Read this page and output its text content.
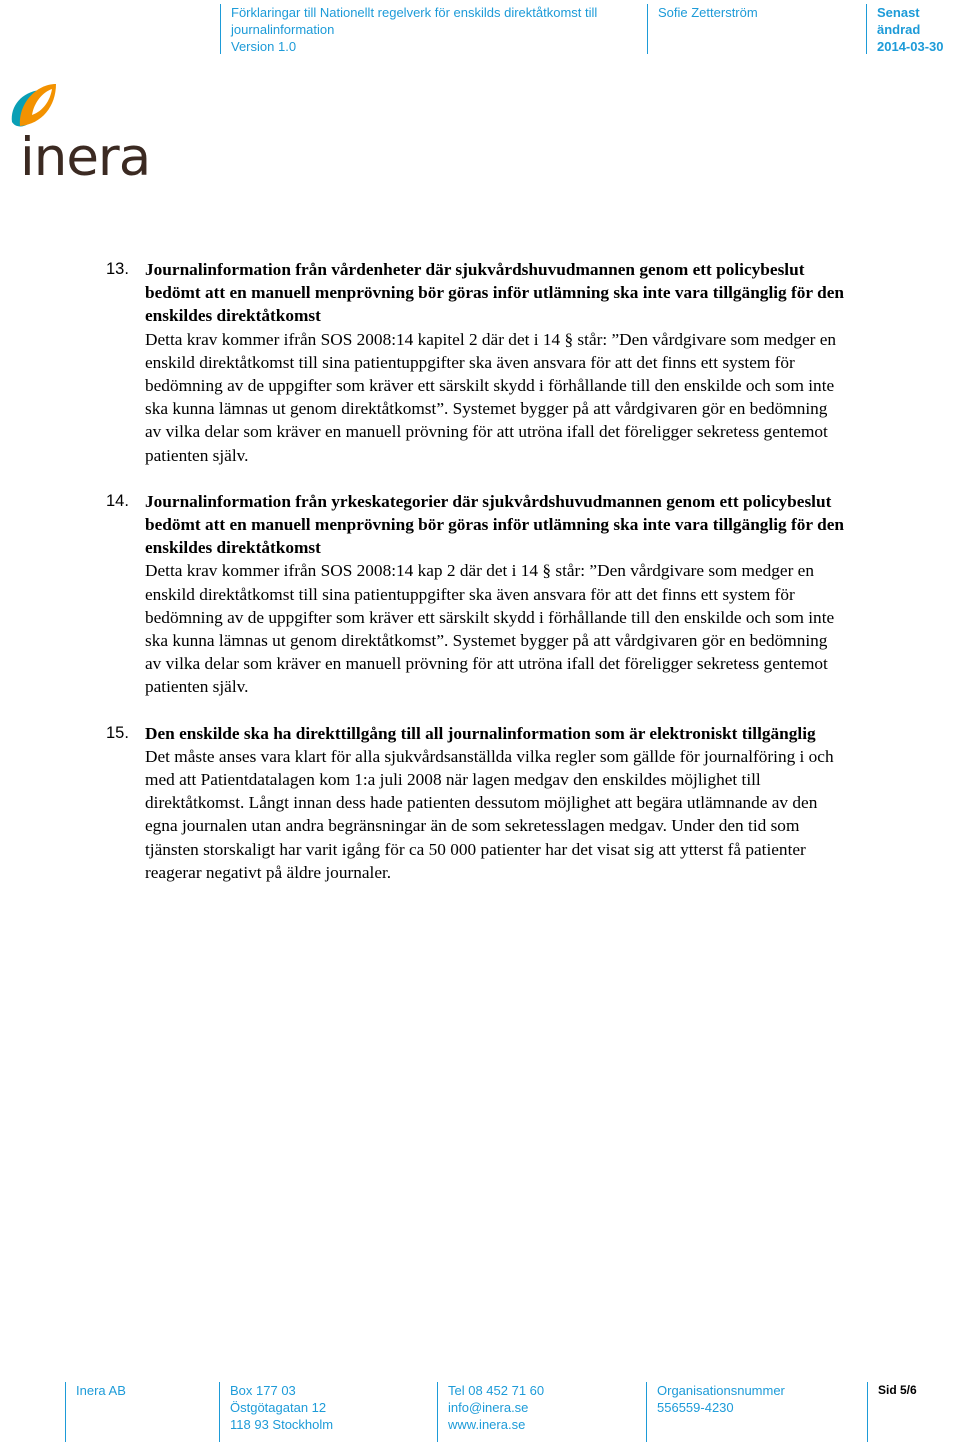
Förklaringar till Nationellt regelverk för enskilds direktåtkomst till
journalinformation
Version 1.0
Sofie Zetterström	Senast ändrad
2014-03-30
inera
13. Journalinformation från vårdenheter där sjukvårdshuvudmannen genom ett policybeslut bedömt att en manuell menprövning bör göras inför utlämning ska inte vara tillgänglig för den enskildes direktåtkomst

Detta krav kommer ifrån SOS 2008:14 kapitel 2 där det i 14 § står: ”Den vårdgivare som medger en enskild direktåtkomst till sina patientuppgifter ska även ansvara för att det finns ett system för bedömning av de uppgifter som kräver ett särskilt skydd i förhållande till den enskilde och som inte ska kunna lämnas ut genom direktåtkomst”. Systemet bygger på att vårdgivaren gör en bedömning av vilka delar som kräver en manuell prövning för att utröna ifall det föreligger sekretess gentemot patienten själv.

14. Journalinformation från yrkeskategorier där sjukvårdshuvudmannen genom ett policybeslut bedömt att en manuell menprövning bör göras inför utlämning ska inte vara tillgänglig för den enskildes direktåtkomst

Detta krav kommer ifrån SOS 2008:14 kap 2 där det i 14 § står: ”Den vårdgivare som medger en enskild direktåtkomst till sina patientuppgifter ska även ansvara för att det finns ett system för bedömning av de uppgifter som kräver ett särskilt skydd i förhållande till den enskilde och som inte ska kunna lämnas ut genom direktåtkomst”. Systemet bygger på att vårdgivaren gör en bedömning av vilka delar som kräver en manuell prövning för att utröna ifall det föreligger sekretess gentemot patienten själv.

15. Den enskilde ska ha direkttillgång till all journalinformation som är elektroniskt tillgänglig

Det måste anses vara klart för alla sjukvårdsanställda vilka regler som gällde för journalföring i och med att Patientdatalagen kom 1:a juli 2008 när lagen medgav den enskildes möjlighet till direktåtkomst. Långt innan dess hade patienten dessutom möjlighet att begära utlämnande av den egna journalen utan andra begränsningar än de som sekretesslagen medgav. Under den tid som tjänsten storskaligt har varit igång för ca 50 000 patienter har det visat sig att ytterst få patienter reagerar negativt på äldre journaler.

Inera AB	Box 177 03
Östgötagatan 12
118 93 Stockholm
Tel 08 452 71 60
info@inera.se
www.inera.se
Organisationsnummer
556559-4230
Sid 5/6
